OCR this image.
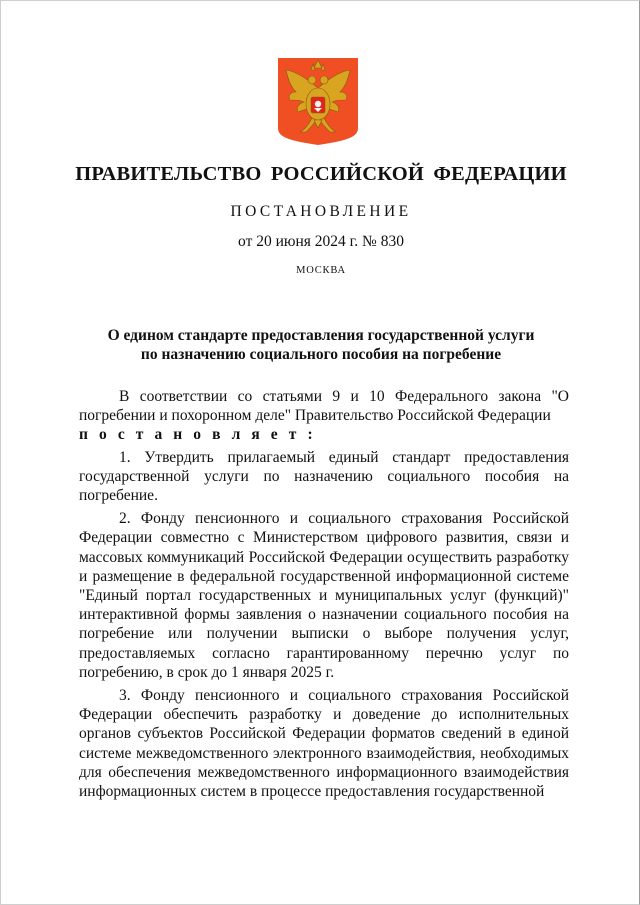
ПРАВИТЕЛЬСТВО РОССИЙСКОЙ ФЕДЕРАЦИИ
ПОСТАНОВЛЕНИЕ
от 20 июня 2024 г. № 830
МОСКВА
О едином стандарте предоставления государственной услуги
по назначению социального пособия на погребение

В соответствии со статьями 9 и 10 Федерального закона "О погребении и похоронном деле" Правительство Российской Федерации

п о с т а н о в л я е т :

1. Утвердить прилагаемый единый стандарт предоставления государственной услуги по назначению социального пособия на погребение.

2. Фонду пенсионного и социального страхования Российской Федерации совместно с Министерством цифрового развития, связи и массовых коммуникаций Российской Федерации осуществить разработку и размещение в федеральной государственной информационной системе "Единый портал государственных и муниципальных услуг (функций)" интерактивной формы заявления о назначении социального пособия на погребение или получении выписки о выборе получения услуг, предоставляемых согласно гарантированному перечню услуг по погребению, в срок до 1 января 2025 г.

3. Фонду пенсионного и социального страхования Российской Федерации обеспечить разработку и доведение до исполнительных органов субъектов Российской Федерации форматов сведений в единой системе межведомственного электронного взаимодействия, необходимых для обеспечения межведомственного информационного взаимодействия информационных систем в процессе предоставления государственной
